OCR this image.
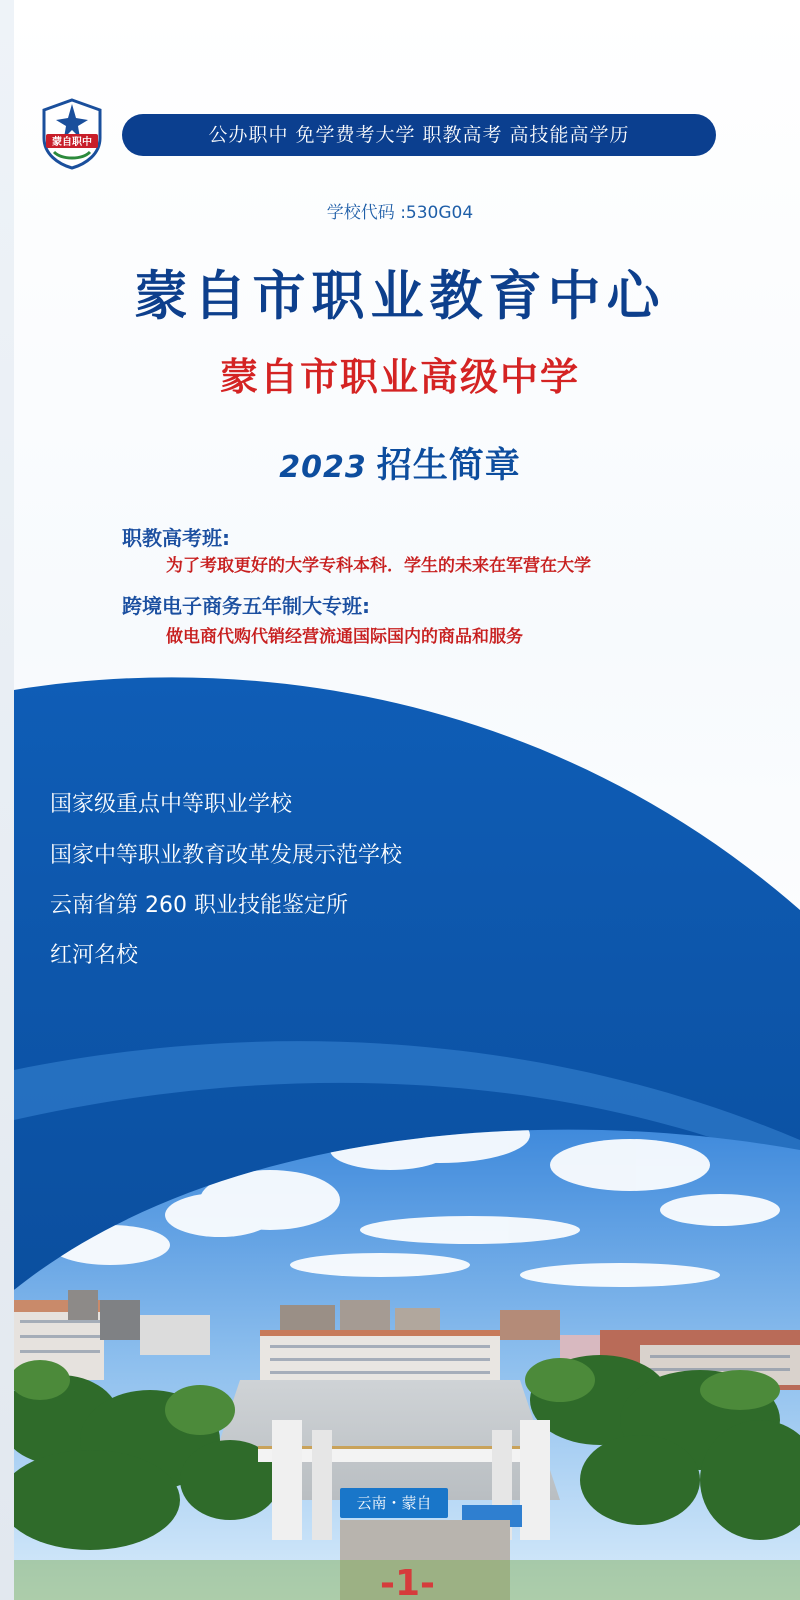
蒙自职中	公办职中 免学费考大学 职教高考 高技能高学历
学校代码 :530G04
蒙自市职业教育中心
蒙自市职业高级中学
2023 招生简章
职教高考班:
为了考取更好的大学专科本科．学生的未来在军营在大学
跨境电子商务五年制大专班:
做电商代购代销经营流通国际国内的商品和服务
国家级重点中等职业学校
国家中等职业教育改革发展示范学校
云南省第 260 职业技能鉴定所
红河名校
云南・蒙自
-1-
